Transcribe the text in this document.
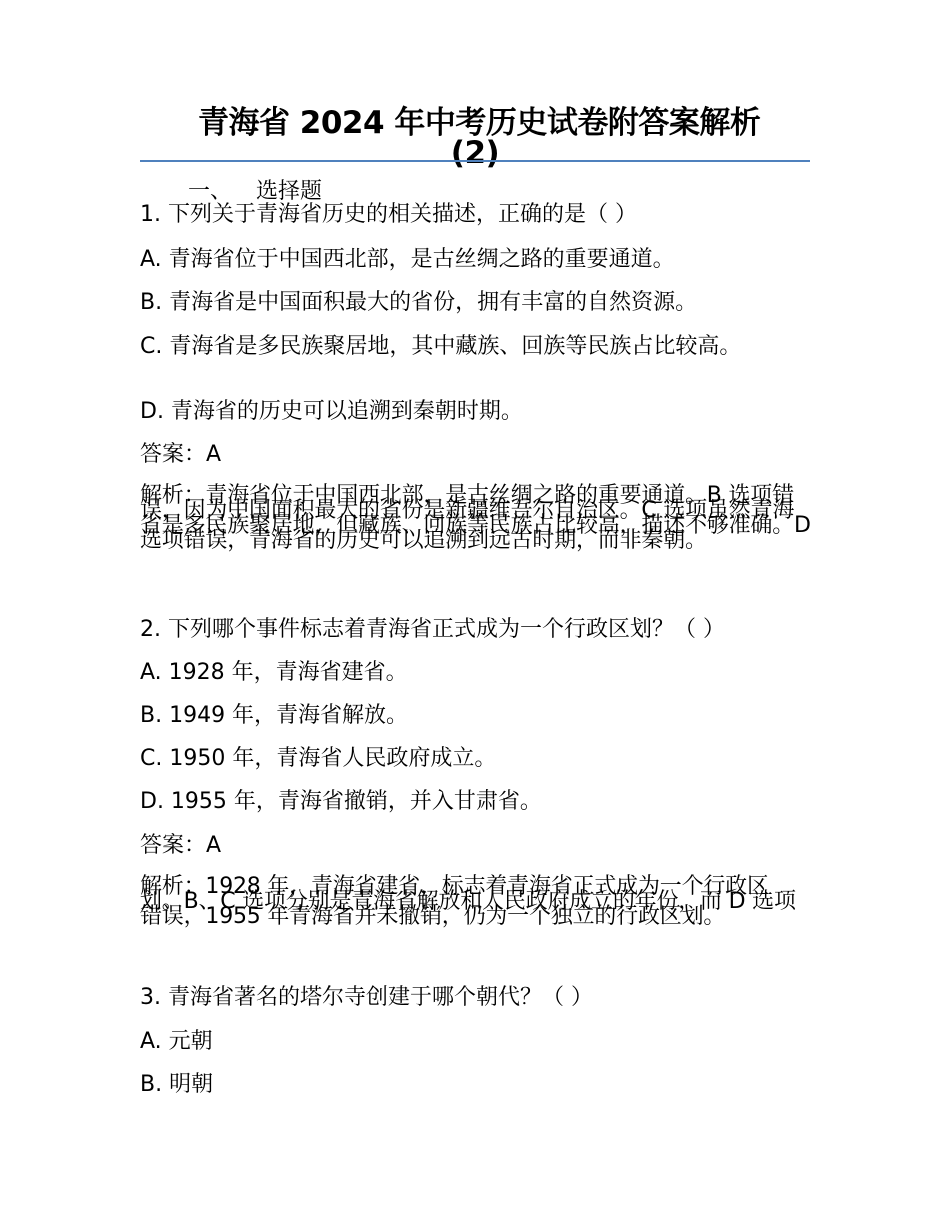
青海省 2024 年中考历史试卷附答案解析
(2)
一、 选择题
1. 下列关于青海省历史的相关描述，正确的是（ ）
A. 青海省位于中国西北部，是古丝绸之路的重要通道。
B. 青海省是中国面积最大的省份，拥有丰富的自然资源。
C. 青海省是多民族聚居地，其中藏族、回族等民族占比较高。
D. 青海省的历史可以追溯到秦朝时期。
答案：A
解析：青海省位于中国西北部，是古丝绸之路的重要通道。B 选项错误，因为中国面积最大的省份是新疆维吾尔自治区。C 选项虽然青海省是多民族聚居地，但藏族、回族等民族占比较高，描述不够准确。D 选项错误，青海省的历史可以追溯到远古时期，而非秦朝。
2. 下列哪个事件标志着青海省正式成为一个行政区划？（ ）
A. 1928 年，青海省建省。
B. 1949 年，青海省解放。
C. 1950 年，青海省人民政府成立。
D. 1955 年，青海省撤销，并入甘肃省。
答案：A
解析：1928 年，青海省建省，标志着青海省正式成为一个行政区划。B、C 选项分别是青海省解放和人民政府成立的年份，而 D 选项错误，1955 年青海省并未撤销，仍为一个独立的行政区划。
3. 青海省著名的塔尔寺创建于哪个朝代？（ ）
A. 元朝
B. 明朝
